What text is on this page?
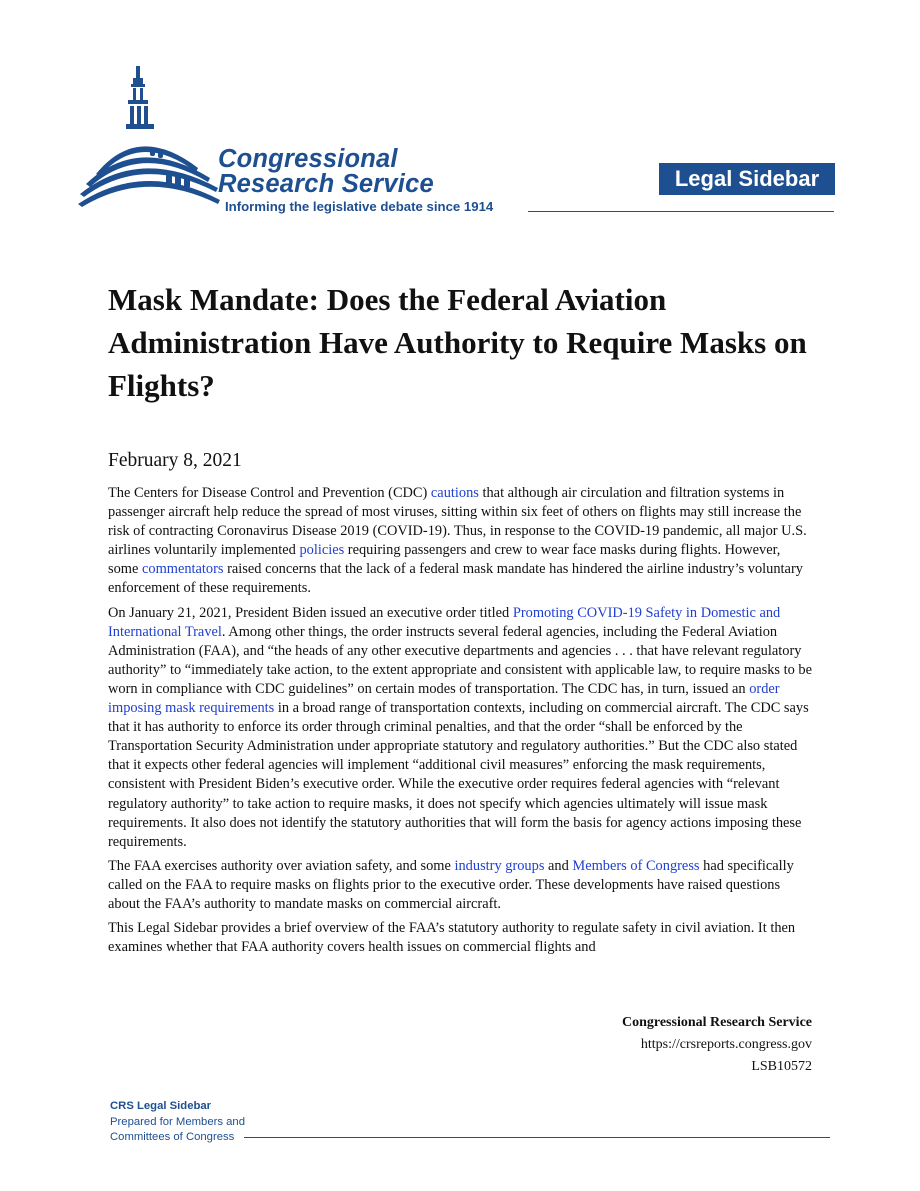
Congressional
Research Service
Informing the legislative debate since 1914
Legal Sidebar
Mask Mandate: Does the Federal Aviation Administration Have Authority to Require Masks on Flights?
February 8, 2021

The Centers for Disease Control and Prevention (CDC) cautions that although air circulation and filtration systems in passenger aircraft help reduce the spread of most viruses, sitting within six feet of others on flights may still increase the risk of contracting Coronavirus Disease 2019 (COVID-19). Thus, in response to the COVID-19 pandemic, all major U.S. airlines voluntarily implemented policies requiring passengers and crew to wear face masks during flights. However, some commentators raised concerns that the lack of a federal mask mandate has hindered the airline industry’s voluntary enforcement of these requirements.

On January 21, 2021, President Biden issued an executive order titled Promoting COVID-19 Safety in Domestic and International Travel. Among other things, the order instructs several federal agencies, including the Federal Aviation Administration (FAA), and “the heads of any other executive departments and agencies . . . that have relevant regulatory authority” to “immediately take action, to the extent appropriate and consistent with applicable law, to require masks to be worn in compliance with CDC guidelines” on certain modes of transportation. The CDC has, in turn, issued an order imposing mask requirements in a broad range of transportation contexts, including on commercial aircraft. The CDC says that it has authority to enforce its order through criminal penalties, and that the order “shall be enforced by the Transportation Security Administration under appropriate statutory and regulatory authorities.” But the CDC also stated that it expects other federal agencies will implement “additional civil measures” enforcing the mask requirements, consistent with President Biden’s executive order. While the executive order requires federal agencies with “relevant regulatory authority” to take action to require masks, it does not specify which agencies ultimately will issue mask requirements. It also does not identify the statutory authorities that will form the basis for agency actions imposing these requirements.

The FAA exercises authority over aviation safety, and some industry groups and Members of Congress had specifically called on the FAA to require masks on flights prior to the executive order. These developments have raised questions about the FAA’s authority to mandate masks on commercial aircraft.

This Legal Sidebar provides a brief overview of the FAA’s statutory authority to regulate safety in civil aviation. It then examines whether that FAA authority covers health issues on commercial flights and

Congressional Research Service
https://crsreports.congress.gov
LSB10572
CRS Legal Sidebar
Prepared for Members and
Committees of Congress
